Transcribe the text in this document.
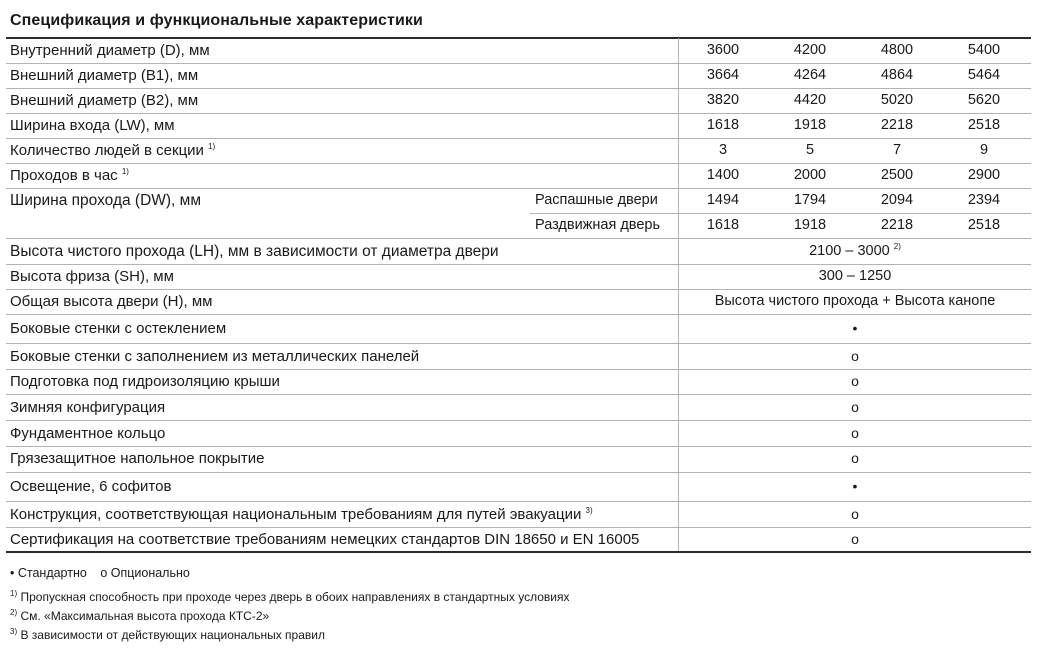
Спецификация и функциональные характеристики
Внутренний диаметр (D), мм	3600	4200	4800	5400
Внешний диаметр (B1), мм	3664	4264	4864	5464
Внешний диаметр (B2), мм	3820	4420	5020	5620
Ширина входа (LW), мм	1618	1918	2218	2518
Количество людей в секции $^{1)}$	3	5	7	9
Проходов в час $^{1)}$	1400	2000	2500	2900
Ширина прохода (DW), мм	Распашные двери	1494	1794	2094	2394
Раздвижная дверь	1618	1918	2218	2518
Высота чистого прохода (LH), мм в зависимости от диаметра двери	2100 – 3000 $^{2)}$
Высота фриза (SH), мм	300 – 1250
Общая высота двери (H), мм	Высота чистого прохода + Высота канопе
Боковые стенки с остеклением	•
Боковые стенки с заполнением из металлических панелей	o
Подготовка под гидроизоляцию крыши	o
Зимняя конфигурация	o
Фундаментное кольцо	o
Грязезащитное напольное покрытие	o
Освещение, 6 софитов	•
Конструкция, соответствующая национальным требованиям для путей эвакуации $^{3)}$	o
Сертификация на соответствие требованиям немецких стандартов DIN 18650 и EN 16005	o
• Стандартно o Опционально
$^{1)}$ Пропускная способность при проходе через дверь в обоих направлениях в стандартных условиях
$^{2)}$ См. «Максимальная высота прохода КТС-2»
$^{3)}$ В зависимости от действующих национальных правил
